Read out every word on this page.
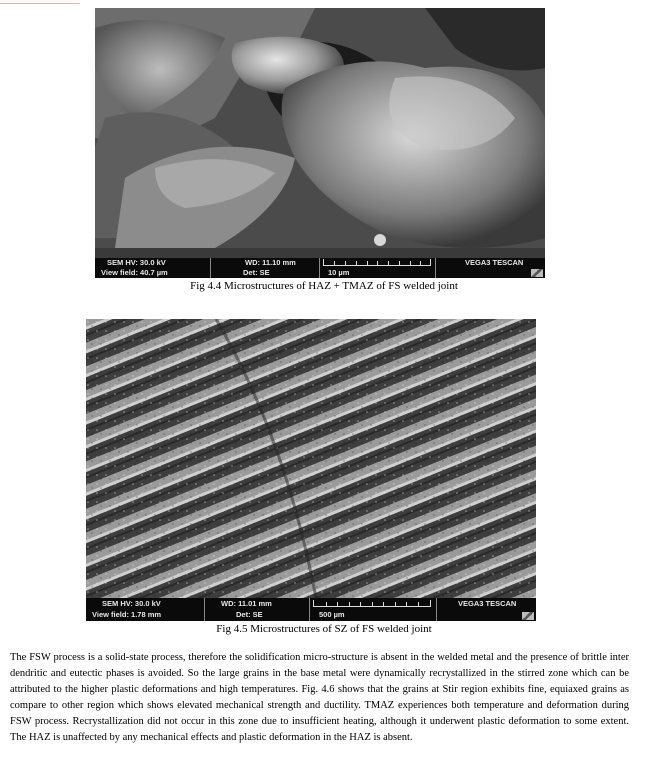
SEM HV: 30.0 kV
View field: 40.7 µm
WD: 11.10 mm
Det: SE	10 µm
VEGA3 TESCAN
Fig 4.4 Microstructures of HAZ + TMAZ of FS welded joint
SEM HV: 30.0 kV
View field: 1.78 mm
WD: 11.01 mm
Det: SE	500 µm
VEGA3 TESCAN
Fig 4.5 Microstructures of SZ of FS welded joint

The FSW process is a solid-state process, therefore the solidification micro-structure is absent in the welded metal and the presence of brittle inter dendritic and eutectic phases is avoided. So the large grains in the base metal were dynamically recrystallized in the stirred zone which can be attributed to the higher plastic deformations and high temperatures. Fig. 4.6 shows that the grains at Stir region exhibits fine, equiaxed grains as compare to other region which shows elevated mechanical strength and ductility. TMAZ experiences both temperature and deformation during FSW process. Recrystallization did not occur in this zone due to insufficient heating, although it underwent plastic deformation to some extent. The HAZ is unaffected by any mechanical effects and plastic deformation in the HAZ is absent.
